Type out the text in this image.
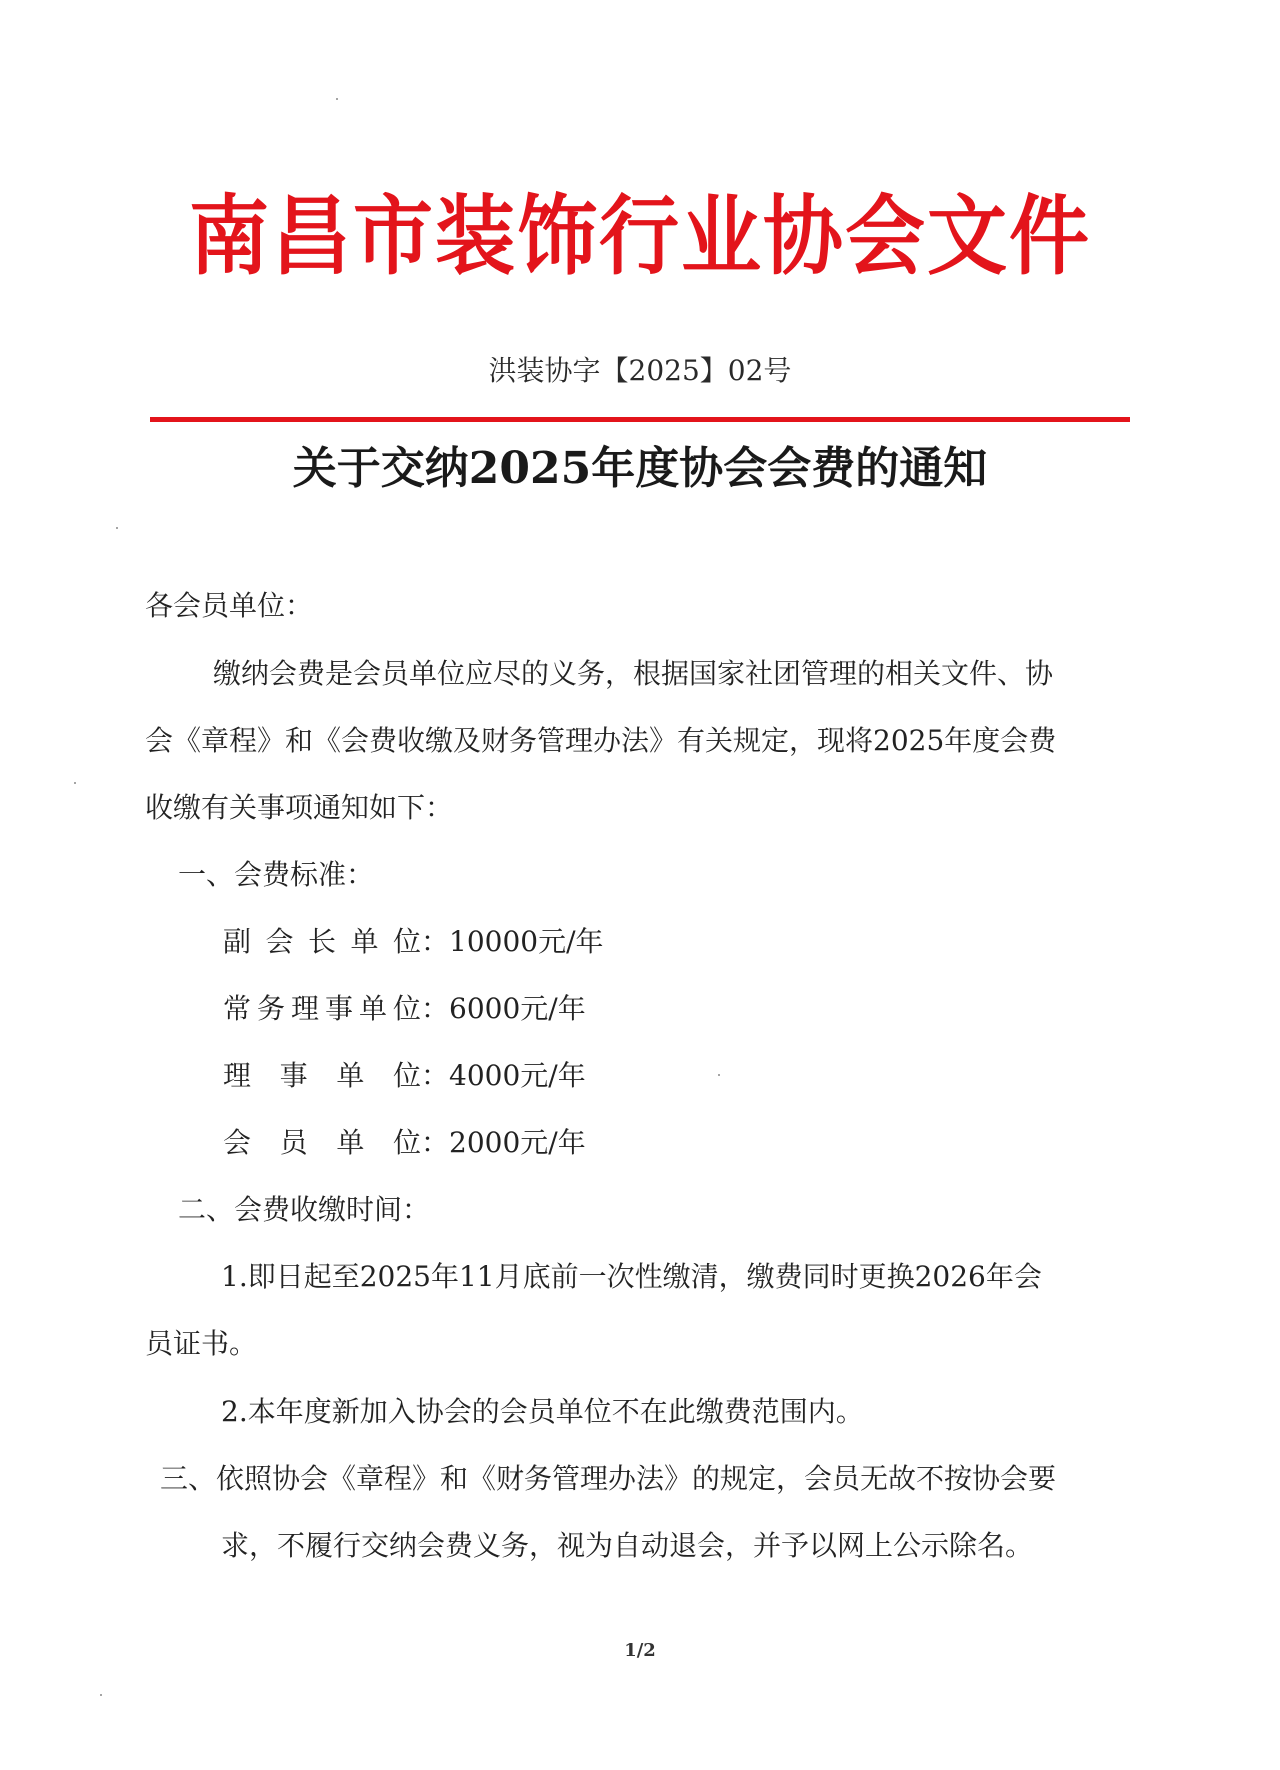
南昌市装饰行业协会文件
洪装协字【2025】02号
关于交纳2025年度协会会费的通知
各会员单位：
缴纳会费是会员单位应尽的义务，根据国家社团管理的相关文件、协
会《章程》和《会费收缴及财务管理办法》有关规定，现将2025年度会费
收缴有关事项通知如下：
一、会费标准：
副 会 长 单 位 ：10000元/年
常 务 理 事 单 位 ：6000元/年
理 事 单 位 ：4000元/年
会 员 单 位 ：2000元/年
二、会费收缴时间：
1.即日起至2025年11月底前一次性缴清，缴费同时更换2026年会
员证书。
2.本年度新加入协会的会员单位不在此缴费范围内。
三、依照协会《章程》和《财务管理办法》的规定，会员无故不按协会要
求，不履行交纳会费义务，视为自动退会，并予以网上公示除名。
1/2
